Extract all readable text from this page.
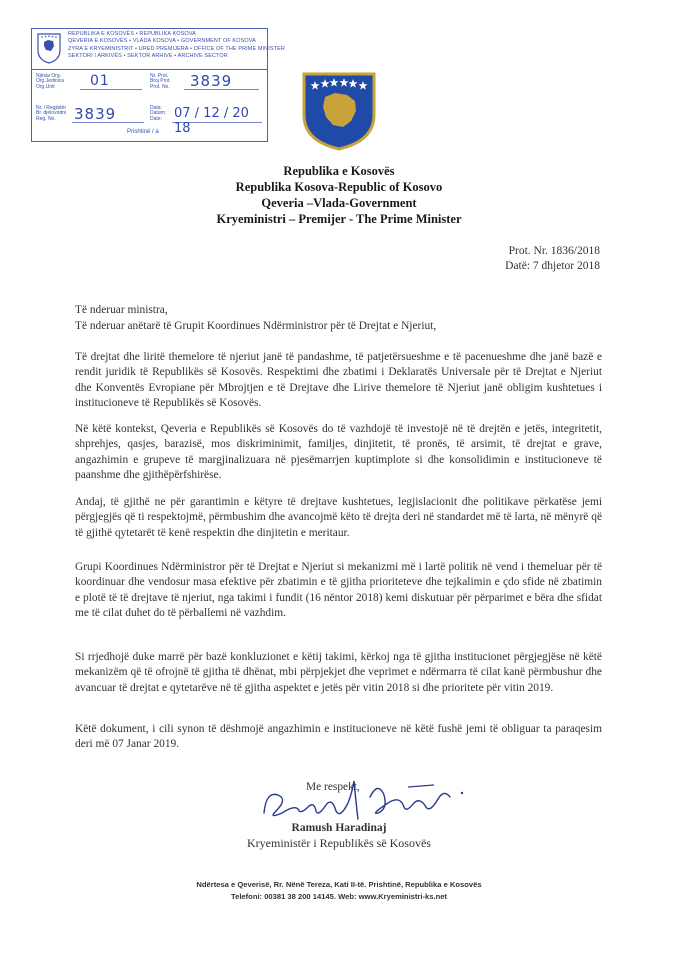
REPUBLIKA E KOSOVËS • REPUBLIKA KOSOVA
QEVERIA E KOSOVËS • VLADA KOSOVA • GOVERNMENT OF KOSOVA
ZYRA E KRYEMINISTRIT • URED PREMIJERA • OFFICE OF THE PRIME MINISTER
SEKTORI I ARKIVËS • SEKTOR ARHIVE • ARCHIVE SECTOR
Njësia Org.
Org.Jedinica
Org.Unit	01	Nr. Prot.
Broj Prot.
Prot. No. 3839
Nr. i Regjistër
Br. djelovodni
Reg. No.	3839	Data:
Datum:
Date: 07 / 12 / 20 18
Prishtinë / a
Republika e Kosovës
Republika Kosova-Republic of Kosovo
Qeveria –Vlada-Government
Kryeministri – Premijer - The Prime Minister
Prot. Nr. 1836/2018
Datë: 7 dhjetor 2018
Të nderuar ministra,
Të nderuar anëtarë të Grupit Koordinues Ndërministror për të Drejtat e Njeriut,

Të drejtat dhe liritë themelore të njeriut janë të pandashme, të patjetërsueshme e të pacenueshme dhe janë bazë e rendit juridik të Republikës së Kosovës. Respektimi dhe zbatimi i Deklaratës Universale për të Drejtat e Njeriut dhe Konventës Evropiane për Mbrojtjen e të Drejtave dhe Lirive themelore të Njeriut janë obligim kushtetues i institucioneve të Republikës së Kosovës.

Në këtë kontekst, Qeveria e Republikës së Kosovës do të vazhdojë të investojë në të drejtën e jetës, integritetit, shprehjes, qasjes, barazisë, mos diskriminimit, familjes, dinjitetit, të pronës, të arsimit, të drejtat e grave, angazhimin e grupeve të margjinalizuara në pjesëmarrjen kuptimplote si dhe konsolidimin e institucioneve të paanshme dhe gjithëpërfshirëse.

Andaj, të gjithë ne për garantimin e këtyre të drejtave kushtetues, legjislacionit dhe politikave përkatëse jemi përgjegjës që ti respektojmë, përmbushim dhe avancojmë këto të drejta deri në standardet më të larta, në mënyrë që të gjithë qytetarët të kenë respektin dhe dinjitetin e meritaur.

Grupi Koordinues Ndërministror për të Drejtat e Njeriut si mekanizmi më i lartë politik në vend i themeluar për të koordinuar dhe vendosur masa efektive për zbatimin e të gjitha prioriteteve dhe tejkalimin e çdo sfide në zbatimin e plotë të të drejtave të njeriut, nga takimi i fundit (16 nëntor 2018) kemi diskutuar për përparimet e bëra dhe sfidat me të cilat duhet do të përballemi në vazhdim.

Si rrjedhojë duke marrë për bazë konkluzionet e këtij takimi, kërkoj nga të gjitha institucionet përgjegjëse në këtë mekanizëm që të ofrojnë të gjitha të dhënat, mbi përpjekjet dhe veprimet e ndërmarra të cilat kanë përmbushur dhe avancuar të drejtat e qytetarëve në të gjitha aspektet e jetës për vitin 2018 si dhe prioritete për vitin 2019.

Këtë dokument, i cili synon të dëshmojë angazhimin e institucioneve në këtë fushë jemi të obliguar ta paraqesim deri më 07 Janar 2019.

Me respekt,
Ramush Haradinaj
Kryeministër i Republikës së Kosovës
Ndërtesa e Qeverisë, Rr. Nënë Tereza, Kati II-të. Prishtinë, Republika e Kosovës
Telefoni: 00381 38 200 14145. Web: www.Kryeministri-ks.net
